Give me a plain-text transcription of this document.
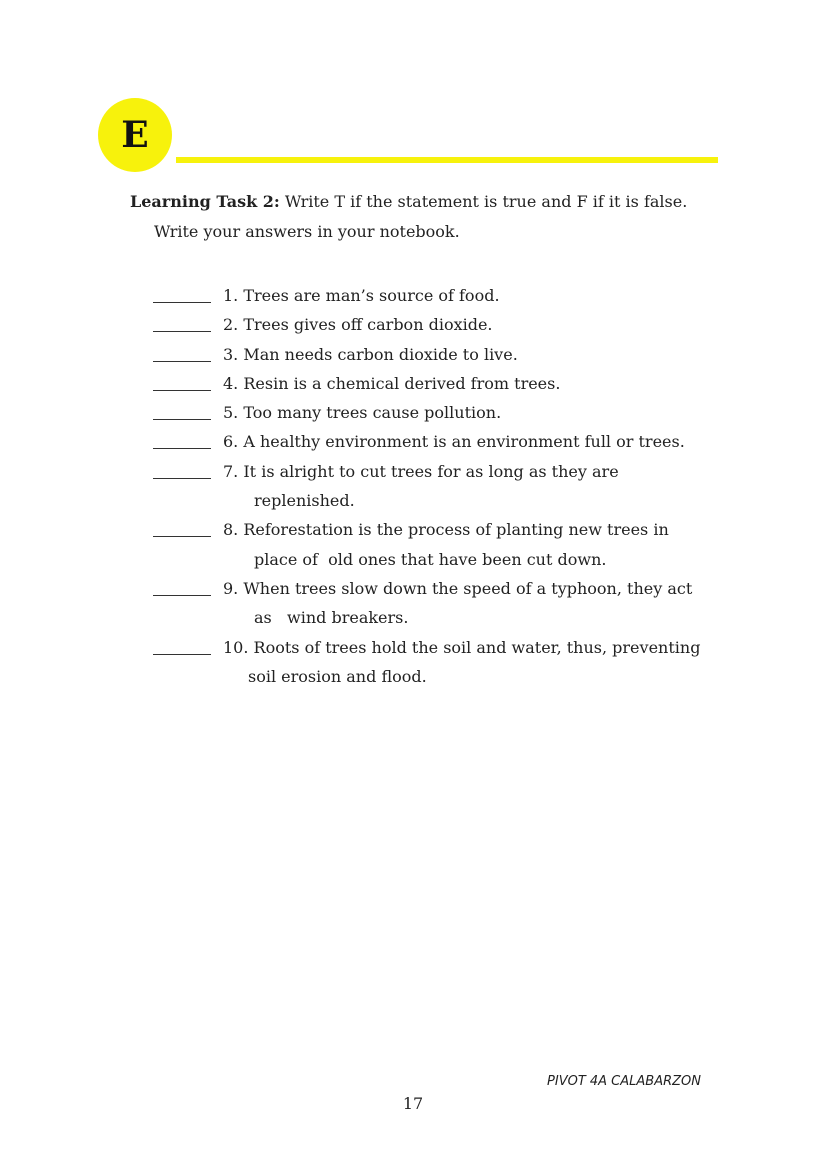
E
Learning Task 2: Write T if the statement is true and F if it is false.
Write your answers in your notebook.
1. Trees are man’s source of food.
2. Trees gives off carbon dioxide.
3. Man needs carbon dioxide to live.
4. Resin is a chemical derived from trees.
5. Too many trees cause pollution.
6. A healthy environment is an environment full or trees.
7. It is alright to cut trees for as long as they are
replenished.
8. Reforestation is the process of planting new trees in
place of  old ones that have been cut down.
9. When trees slow down the speed of a typhoon, they act
as   wind breakers.
10. Roots of trees hold the soil and water, thus, preventing
soil erosion and flood.
PIVOT 4A CALABARZON
17
